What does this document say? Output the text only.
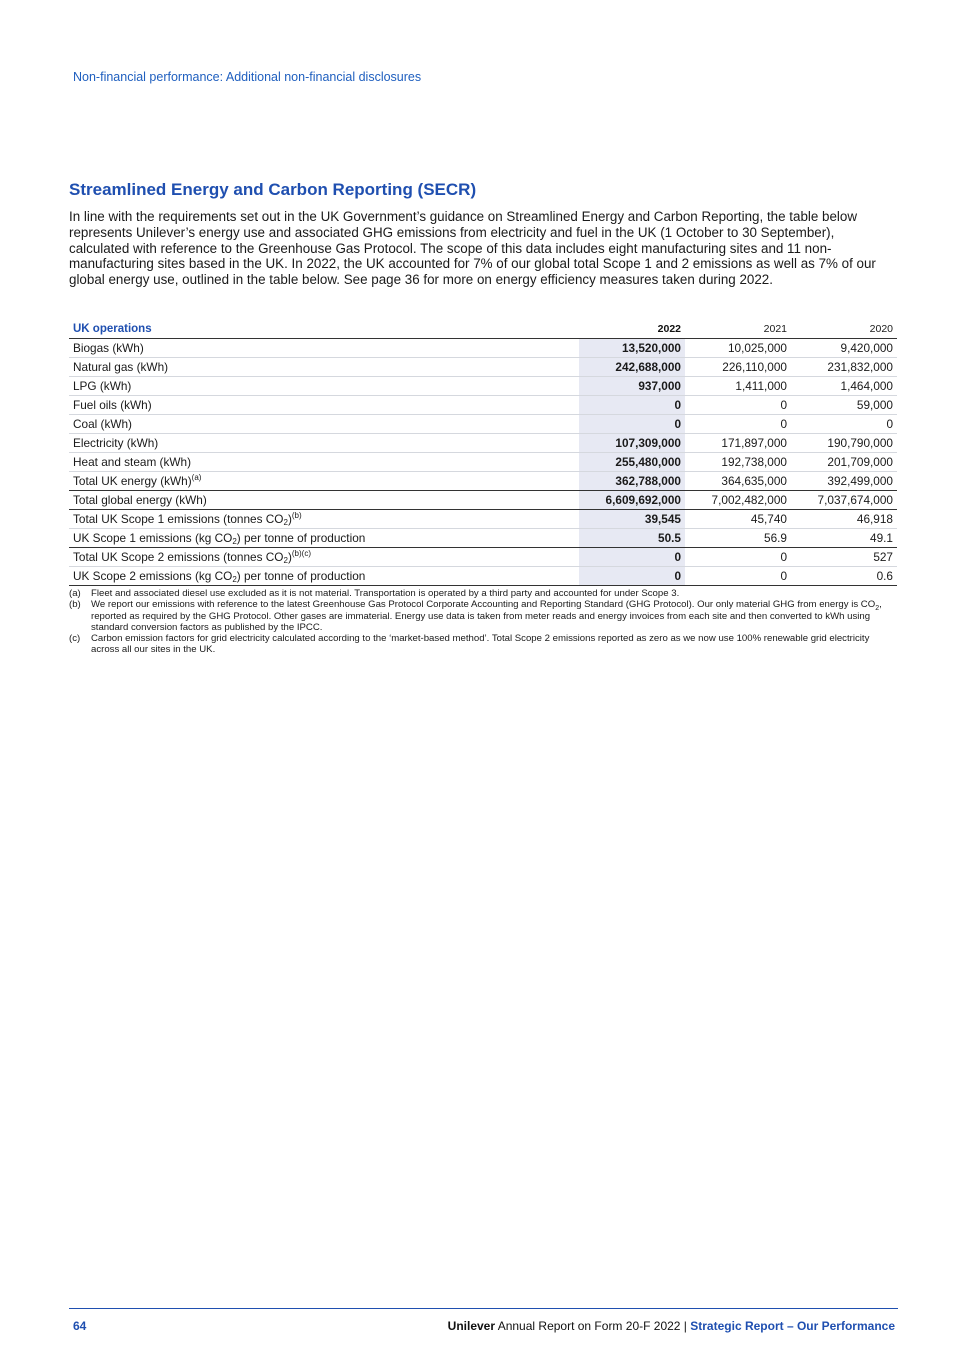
Non-financial performance: Additional non-financial disclosures
Streamlined Energy and Carbon Reporting (SECR)

In line with the requirements set out in the UK Government’s guidance on Streamlined Energy and Carbon Reporting, the table below represents Unilever’s energy use and associated GHG emissions from electricity and fuel in the UK (1 October to 30 September), calculated with reference to the Greenhouse Gas Protocol. The scope of this data includes eight manufacturing sites and 11 non-manufacturing sites based in the UK. In 2022, the UK accounted for 7% of our global total Scope 1 and 2 emissions as well as 7% of our global energy use, outlined in the table below. See page 36 for more on energy efficiency measures taken during 2022.

UK operations	2022	2021	2020
Biogas (kWh)	13,520,000	10,025,000	9,420,000
Natural gas (kWh)	242,688,000	226,110,000	231,832,000
LPG (kWh)	937,000	1,411,000	1,464,000
Fuel oils (kWh)	0	0	59,000
Coal (kWh)	0	0	0
Electricity (kWh)	107,309,000	171,897,000	190,790,000
Heat and steam (kWh)	255,480,000	192,738,000	201,709,000
Total UK energy (kWh)$^{(a)}$	362,788,000	364,635,000	392,499,000
Total global energy (kWh)	6,609,692,000	7,002,482,000	7,037,674,000
Total UK Scope 1 emissions (tonnes $CO_2)^{(b)}$	39,545	45,740	46,918
UK Scope 1 emissions (kg $CO_2$) per tonne of production	50.5	56.9	49.1
Total UK Scope 2 emissions (tonnes $CO_2)^{(b)(c)}$	0	0	527
UK Scope 2 emissions (kg $CO_2$) per tonne of production	0	0	0.6
(a)	Fleet and associated diesel use excluded as it is not material. Transportation is operated by a third party and accounted for under Scope 3.
(b)	We report our emissions with reference to the latest Greenhouse Gas Protocol Corporate Accounting and Reporting Standard (GHG Protocol). Our only material GHG from energy is $CO_2$, reported as required by the GHG Protocol. Other gases are immaterial. Energy use data is taken from meter reads and energy invoices from each site and then converted to kWh using standard conversion factors as published by the IPCC.
(c)	Carbon emission factors for grid electricity calculated according to the ‘market-based method’. Total Scope 2 emissions reported as zero as we now use 100% renewable grid electricity across all our sites in the UK.
64	Unilever Annual Report on Form 20-F 2022 | Strategic Report – Our Performance
